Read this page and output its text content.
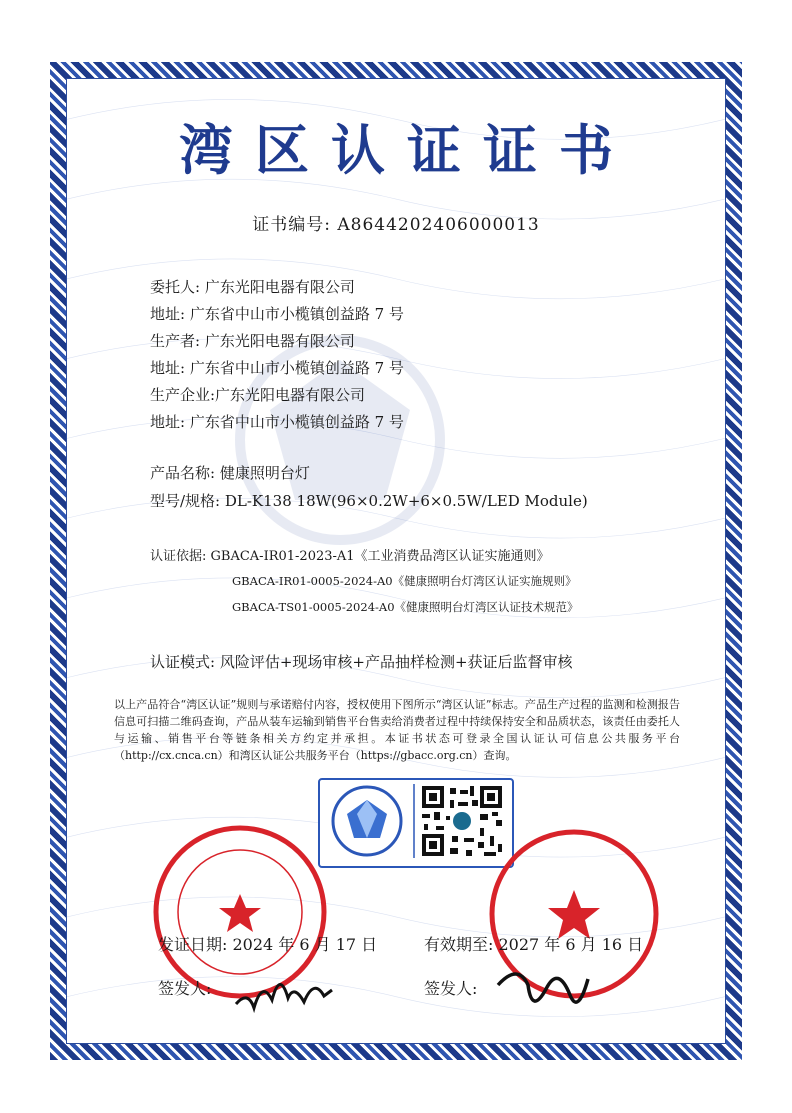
湾区认证证书
证书编号: A8644202406000013
委托人: 广东光阳电器有限公司
地址: 广东省中山市小榄镇创益路 7 号
生产者: 广东光阳电器有限公司
地址: 广东省中山市小榄镇创益路 7 号
生产企业:广东光阳电器有限公司
地址: 广东省中山市小榄镇创益路 7 号
产品名称: 健康照明台灯
型号/规格: DL-K138 18W(96×0.2W+6×0.5W/LED Module)
认证依据: GBACA-IR01-2023-A1《工业消费品湾区认证实施通则》
GBACA-IR01-0005-2024-A0《健康照明台灯湾区认证实施规则》
GBACA-TS01-0005-2024-A0《健康照明台灯湾区认证技术规范》
认证模式: 风险评估+现场审核+产品抽样检测+获证后监督审核
以上产品符合“湾区认证”规则与承诺赔付内容，授权使用下图所示“湾区认证”标志。产品生产过程的监测和检测报告信息可扫描二维码查询，产品从装车运输到销售平台售卖给消费者过程中持续保持安全和品质状态，该责任由委托人与运输、销售平台等链条相关方约定并承担。本证书状态可登录全国认证认可信息公共服务平台（http://cx.cnca.cn）和湾区认证公共服务平台（https://gbacc.org.cn）查询。
发证日期: 2024 年 6 月 17 日	有效期至: 2027 年 6 月 16 日
签发人:	签发人:
